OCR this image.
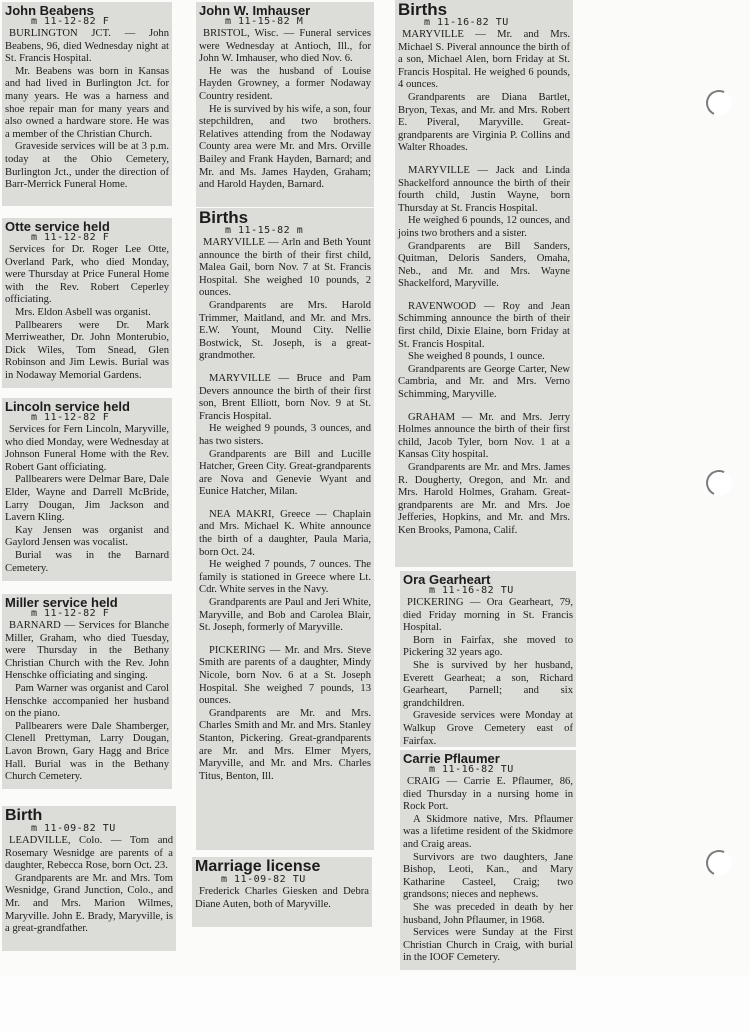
John Beabens
m 11-12-82 F

BURLINGTON JCT. — John Beabens, 96, died Wednesday night at St. Francis Hospital.

Mr. Beabens was born in Kansas and had lived in Burlington Jct. for many years. He was a harness and shoe repair man for many years and also owned a hardware store. He was a member of the Christian Church.

Graveside services will be at 3 p.m. today at the Ohio Cemetery, Burlington Jct., under the direction of Barr-Merrick Funeral Home.

Otte service held
m 11-12-82 F

Services for Dr. Roger Lee Otte, Overland Park, who died Monday, were Thursday at Price Funeral Home with the Rev. Robert Ceperley officiating.

Mrs. Eldon Asbell was organist.

Pallbearers were Dr. Mark Merriweather, Dr. John Monterubio, Dick Wiles, Tom Snead, Glen Robinson and Jim Lewis. Burial was in Nodaway Memorial Gardens.

Lincoln service held
m 11-12-82 F

Services for Fern Lincoln, Maryville, who died Monday, were Wednesday at Johnson Funeral Home with the Rev. Robert Gant officiating.

Pallbearers were Delmar Bare, Dale Elder, Wayne and Darrell McBride, Larry Dougan, Jim Jackson and Lavern Kling.

Kay Jensen was organist and Gaylord Jensen was vocalist.

Burial was in the Barnard Cemetery.

Miller service held
m 11-12-82 F

BARNARD — Services for Blanche Miller, Graham, who died Tuesday, were Thursday in the Bethany Christian Church with the Rev. John Henschke officiating and singing.

Pam Warner was organist and Carol Henschke accompanied her husband on the piano.

Pallbearers were Dale Shamberger, Clenell Prettyman, Larry Dougan, Lavon Brown, Gary Hagg and Brice Hall. Burial was in the Bethany Church Cemetery.

Birth
m 11-09-82 TU

LEADVILLE, Colo. — Tom and Rosemary Wesnidge are parents of a daughter, Rebecca Rose, born Oct. 23.

Grandparents are Mr. and Mrs. Tom Wesnidge, Grand Junction, Colo., and Mr. and Mrs. Marion Wilmes, Maryville. John E. Brady, Maryville, is a great-grandfather.

John W. Imhauser
m 11-15-82 M

BRISTOL, Wisc. — Funeral services were Wednesday at Antioch, Ill., for John W. Imhauser, who died Nov. 6.

He was the husband of Louise Hayden Growney, a former Nodaway Country resident.

He is survived by his wife, a son, four stepchildren, and two brothers. Relatives attending from the Nodaway County area were Mr. and Mrs. Orville Bailey and Frank Hayden, Barnard; and Mr. and Ms. James Hayden, Graham; and Harold Hayden, Barnard.

Births
m 11-15-82 m

MARYVILLE — Arln and Beth Yount announce the birth of their first child, Malea Gail, born Nov. 7 at St. Francis Hospital. She weighed 10 pounds, 2 ounces.

Grandparents are Mrs. Harold Trimmer, Maitland, and Mr. and Mrs. E.W. Yount, Mound City. Nellie Bostwick, St. Joseph, is a great-grandmother.

MARYVILLE — Bruce and Pam Devers announce the birth of their first son, Brent Elliott, born Nov. 9 at St. Francis Hospital.

He weighed 9 pounds, 3 ounces, and has two sisters.

Grandparents are Bill and Lucille Hatcher, Green City. Great-grandparents are Nova and Genevie Wyant and Eunice Hatcher, Milan.

NEA MAKRI, Greece — Chaplain and Mrs. Michael K. White announce the birth of a daughter, Paula Maria, born Oct. 24.

He weighed 7 pounds, 7 ounces. The family is stationed in Greece where Lt. Cdr. White serves in the Navy.

Grandparents are Paul and Jeri White, Maryville, and Bob and Carolea Blair, St. Joseph, formerly of Maryville.

PICKERING — Mr. and Mrs. Steve Smith are parents of a daughter, Mindy Nicole, born Nov. 6 at a St. Joseph Hospital. She weighed 7 pounds, 13 ounces.

Grandparents are Mr. and Mrs. Charles Smith and Mr. and Mrs. Stanley Stanton, Pickering. Great-grandparents are Mr. and Mrs. Elmer Myers, Maryville, and Mr. and Mrs. Charles Titus, Benton, Ill.

Marriage license
m 11-09-82 TU

Frederick Charles Giesken and Debra Diane Auten, both of Maryville.

Births
m 11-16-82 TU

MARYVILLE — Mr. and Mrs. Michael S. Piveral announce the birth of a son, Michael Alen, born Friday at St. Francis Hospital. He weighed 6 pounds, 4 ounces.

Grandparents are Diana Bartlet, Bryon, Texas, and Mr. and Mrs. Robert E. Piveral, Maryville. Great-grandparents are Virginia P. Collins and Walter Rhoades.

MARYVILLE — Jack and Linda Shackelford announce the birth of their fourth child, Justin Wayne, born Thursday at St. Francis Hospital.

He weighed 6 pounds, 12 ounces, and joins two brothers and a sister.

Grandparents are Bill Sanders, Quitman, Deloris Sanders, Omaha, Neb., and Mr. and Mrs. Wayne Shackelford, Maryville.

RAVENWOOD — Roy and Jean Schimming announce the birth of their first child, Dixie Elaine, born Friday at St. Francis Hospital.

She weighed 8 pounds, 1 ounce.

Grandparents are George Carter, New Cambria, and Mr. and Mrs. Verno Schimming, Maryville.

GRAHAM — Mr. and Mrs. Jerry Holmes announce the birth of their first child, Jacob Tyler, born Nov. 1 at a Kansas City hospital.

Grandparents are Mr. and Mrs. James R. Dougherty, Oregon, and Mr. and Mrs. Harold Holmes, Graham. Great-grandparents are Mr. and Mrs. Joe Jefferies, Hopkins, and Mr. and Mrs. Ken Brooks, Pamona, Calif.

Ora Gearheart
m 11-16-82 TU

PICKERING — Ora Gearheart, 79, died Friday morning in St. Francis Hospital.

Born in Fairfax, she moved to Pickering 32 years ago.

She is survived by her husband, Everett Gearheat; a son, Richard Gearheart, Parnell; and six grandchildren.

Graveside services were Monday at Walkup Grove Cemetery east of Fairfax.

Carrie Pflaumer
m 11-16-82 TU

CRAIG — Carrie E. Pflaumer, 86, died Thursday in a nursing home in Rock Port.

A Skidmore native, Mrs. Pflaumer was a lifetime resident of the Skidmore and Craig areas.

Survivors are two daughters, Jane Bishop, Leoti, Kan., and Mary Katharine Casteel, Craig; two grandsons; nieces and nephews.

She was preceded in death by her husband, John Pflaumer, in 1968.

Services were Sunday at the First Christian Church in Craig, with burial in the IOOF Cemetery.
